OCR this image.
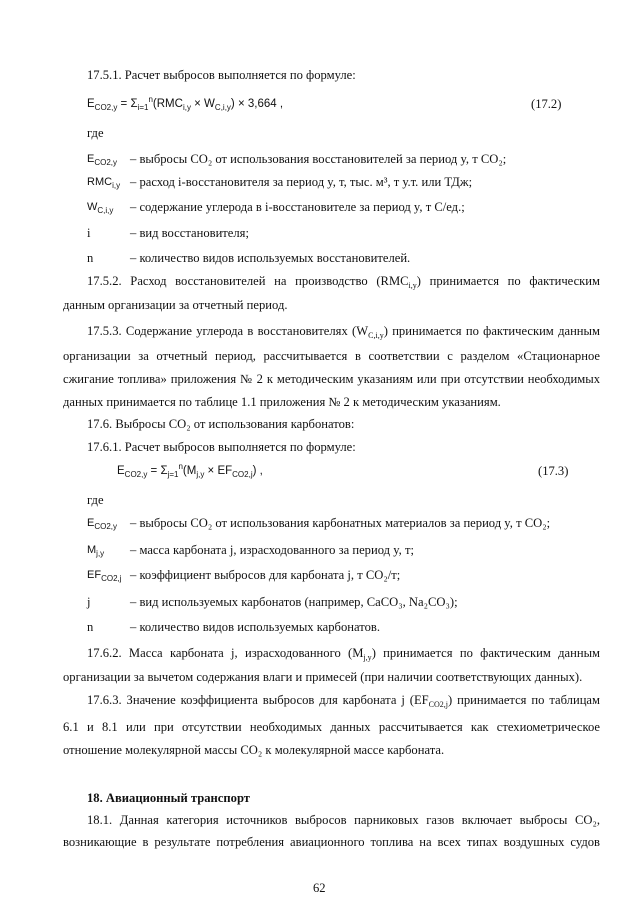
17.5.1. Расчет выбросов выполняется по формуле:
$E_{CO2,y} = \Sigma_{i=1}^n(RMC_{i,y} \times W_{C,i,y}) \times 3,664$ ,	(17.2)
где
$E_{CO2,y}$ – выбросы CO₂ от использования восстановителей за период y, т CO₂;
$RMC_{i,y}$ – расход i-восстановителя за период y, т, тыс. м³, т у.т. или ТДж;
$W_{C,i,y}$ – содержание углерода в i-восстановителе за период y, т С/ед.;
i	– вид восстановителя;
n	– количество видов используемых восстановителей.
17.5.2. Расход восстановителей на производство $(RMC_{i,y})$ принимается по фактическим
данным организации за отчетный период.
17.5.3. Содержание углерода в восстановителях $(W_{C,i,y})$ принимается по фактическим данным
организации за отчетный период, рассчитывается в соответствии с разделом «Стационарное
сжигание топлива» приложения № 2 к методическим указаниям или при отсутствии необходимых
данных принимается по таблице 1.1 приложения № 2 к методическим указаниям.
17.6. Выбросы CO₂ от использования карбонатов:
17.6.1. Расчет выбросов выполняется по формуле:
$E_{CO2,y} = \Sigma_{j=1}^n(M_{j,y} \times EF_{CO2,j})$ ,	(17.3)
где
$E_{CO2,y}$ – выбросы CO₂ от использования карбонатных материалов за период y, т CO₂;
$M_{j,y}$ – масса карбоната j, израсходованного за период y, т;
$EF_{CO2,j}$ – коэффициент выбросов для карбоната j, т CO₂/т;
j	– вид используемых карбонатов (например, CaCO₃, Na₂CO₃);
n	– количество видов используемых карбонатов.
17.6.2. Масса карбоната j, израсходованного $(M_{j,y})$ принимается по фактическим данным
организации за вычетом содержания влаги и примесей (при наличии соответствующих данных).
17.6.3. Значение коэффициента выбросов для карбоната j $(EF_{CO2,j})$ принимается по таблицам
6.1 и 8.1 или при отсутствии необходимых данных рассчитывается как стехиометрическое
отношение молекулярной массы CO₂ к молекулярной массе карбоната.
18. Авиационный транспорт
18.1. Данная категория источников выбросов парниковых газов включает выбросы CO₂,
возникающие в результате потребления авиационного топлива на всех типах воздушных судов
62
